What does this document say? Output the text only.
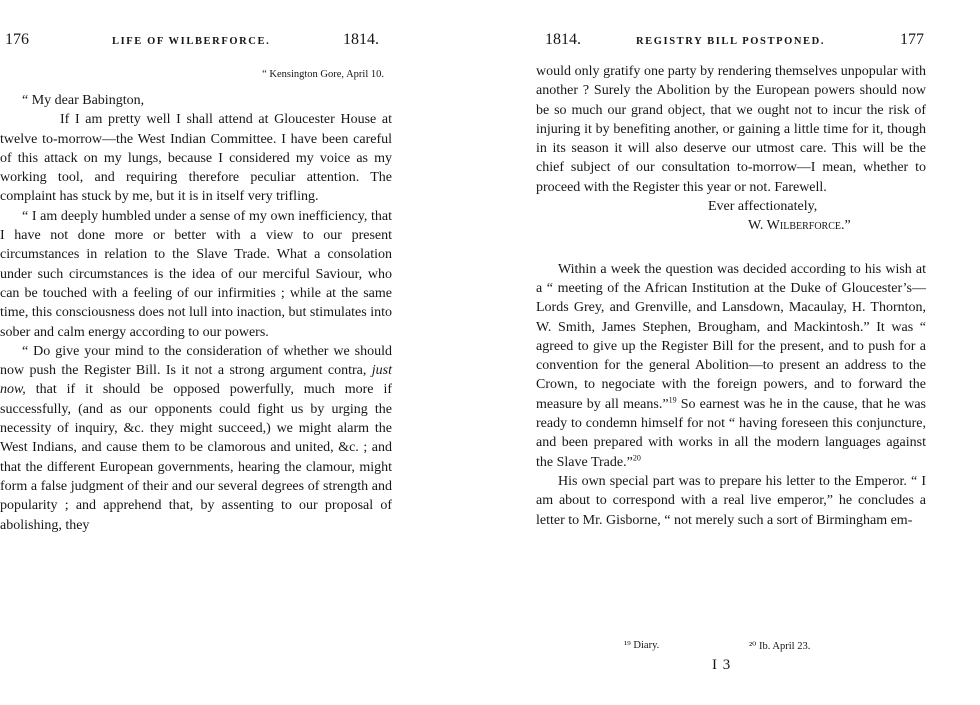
176	LIFE OF WILBERFORCE.	1814.
“ Kensington Gore, April 10.

“ My dear Babington,

If I am pretty well I shall attend at Gloucester House at twelve to-morrow—the West Indian Committee. I have been careful of this attack on my lungs, because I considered my voice as my working tool, and requiring therefore peculiar attention. The complaint has stuck by me, but it is in itself very trifling.

“ I am deeply humbled under a sense of my own inefficiency, that I have not done more or better with a view to our present circumstances in relation to the Slave Trade. What a consolation under such circumstances is the idea of our merciful Saviour, who can be touched with a feeling of our infirmities ; while at the same time, this consciousness does not lull into inaction, but stimulates into sober and calm energy according to our powers.

“ Do give your mind to the consideration of whether we should now push the Register Bill. Is it not a strong argument contra, just now, that if it should be opposed powerfully, much more if successfully, (and as our opponents could fight us by urging the necessity of inquiry, &c. they might succeed,) we might alarm the West Indians, and cause them to be clamorous and united, &c. ; and that the different European governments, hearing the clamour, might form a false judgment of their and our several degrees of strength and popularity ; and apprehend that, by assenting to our proposal of abolishing, they

1814.	REGISTRY BILL POSTPONED.	177

would only gratify one party by rendering themselves unpopular with another ? Surely the Abolition by the European powers should now be so much our grand object, that we ought not to incur the risk of injuring it by benefiting another, or gaining a little time for it, though in its season it will also deserve our utmost care. This will be the chief subject of our consultation to-morrow—I mean, whether to proceed with the Register this year or not. Farewell.

Ever affectionately,

W. Wilberforce.”

Within a week the question was decided according to his wish at a “ meeting of the African Institution at the Duke of Gloucester’s—Lords Grey, and Grenville, and Lansdown, Macaulay, H. Thornton, W. Smith, James Stephen, Brougham, and Mackintosh.” It was “ agreed to give up the Register Bill for the present, and to push for a convention for the general Abolition—to present an address to the Crown, to negociate with the foreign powers, and to forward the measure by all means.”$^{19}$ So earnest was he in the cause, that he was ready to condemn himself for not “ having foreseen this conjuncture, and been prepared with works in all the modern languages against the Slave Trade.”$^{20}$

His own special part was to prepare his letter to the Emperor. “ I am about to correspond with a real live emperor,” he concludes a letter to Mr. Gisborne, “ not merely such a sort of Birmingham em-

¹⁹ Diary.	²⁰ Ib. April 23.
I 3
